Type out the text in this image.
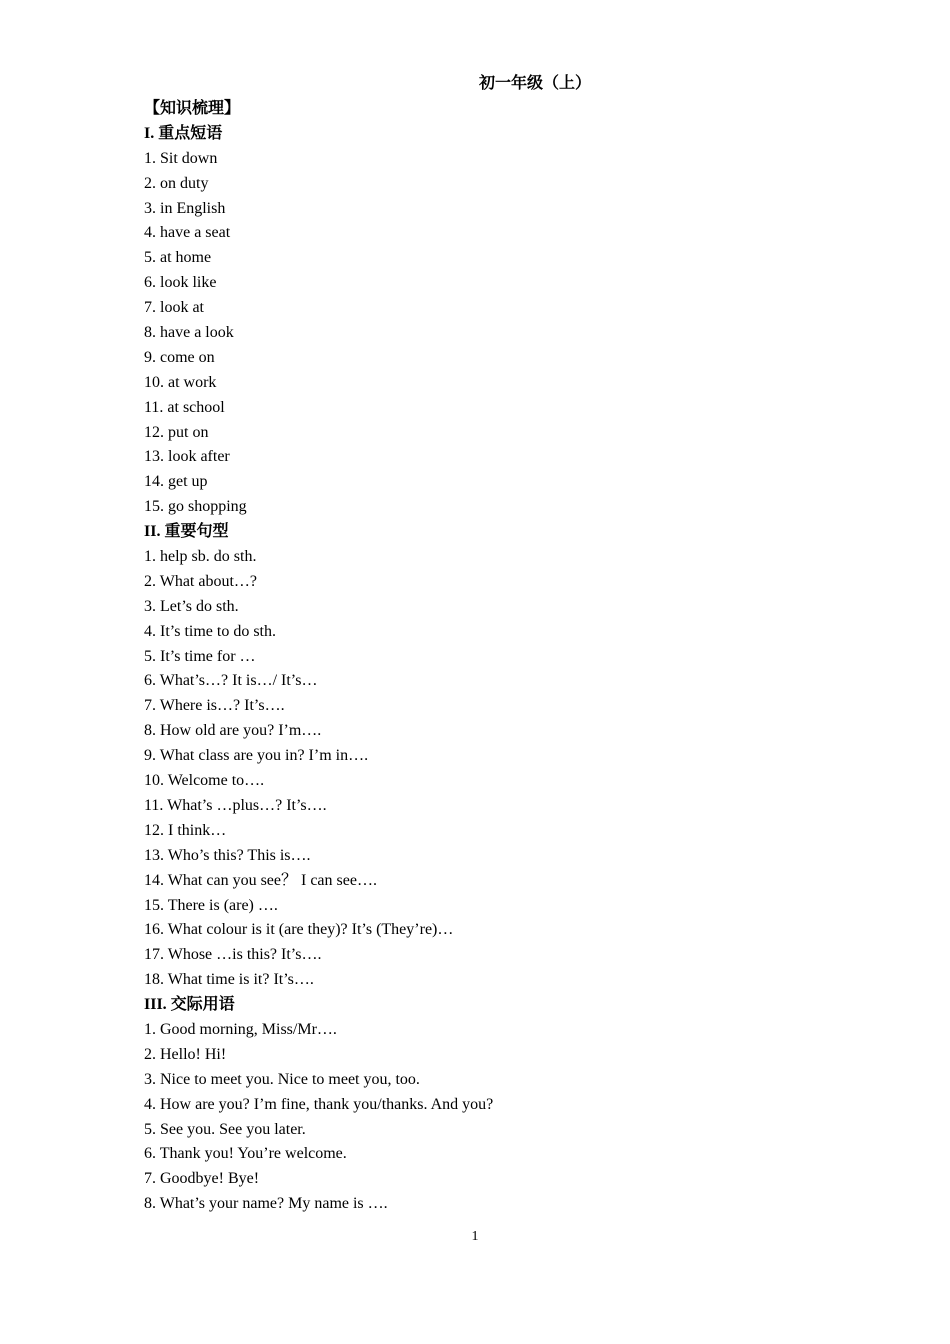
初一年级（上）
【知识梳理】
I. 重点短语
1. Sit down
2. on duty
3. in English
4. have a seat
5. at home
6. look like
7. look at
8. have a look
9. come on
10. at work
11. at school
12. put on
13. look after
14. get up
15. go shopping
II. 重要句型
1. help sb. do sth.
2. What about…?
3. Let’s do sth.
4. It’s time to do sth.
5. It’s time for …
6. What’s…? It is…/ It’s…
7. Where is…? It’s….
8. How old are you? I’m….
9. What class are you in? I’m in….
10. Welcome to….
11. What’s …plus…? It’s….
12. I think…
13. Who’s this? This is….
14. What can you see？ I can see….
15. There is (are) ….
16. What colour is it (are they)? It’s (They’re)…
17. Whose …is this? It’s….
18. What time is it? It’s….
III. 交际用语
1. Good morning, Miss/Mr….
2. Hello! Hi!
3. Nice to meet you. Nice to meet you, too.
4. How are you? I’m fine, thank you/thanks. And you?
5. See you. See you later.
6. Thank you! You’re welcome.
7. Goodbye! Bye!
8. What’s your name? My name is ….
1
